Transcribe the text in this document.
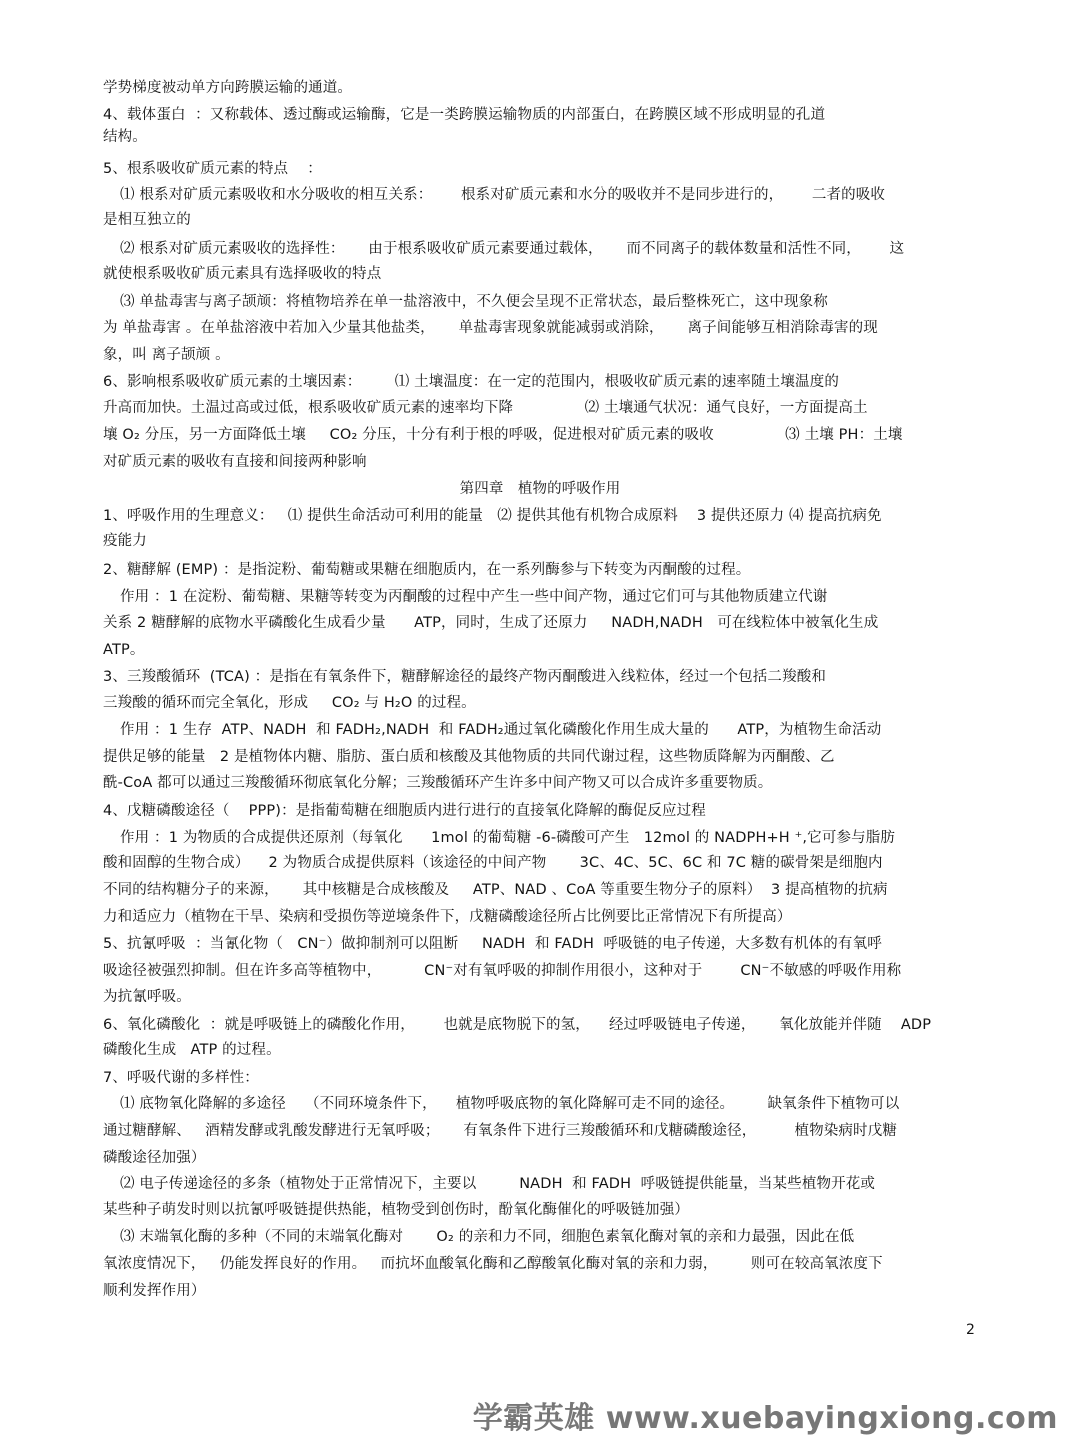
学势梯度被动单方向跨膜运输的通道。
4、载体蛋白  ：又称载体、透过酶或运输酶，它是一类跨膜运输物质的内部蛋白，在跨膜区域不形成明显的孔道
结构。
5、根系吸收矿质元素的特点    ：
⑴ 根系对矿质元素吸收和水分吸收的相互关系：      根系对矿质元素和水分的吸收并不是同步进行的，      二者的吸收
是相互独立的
⑵ 根系对矿质元素吸收的选择性：     由于根系吸收矿质元素要通过载体，     而不同离子的载体数量和活性不同，      这
就使根系吸收矿质元素具有选择吸收的特点
⑶ 单盐毒害与离子颉颃：将植物培养在单一盐溶液中，不久便会呈现不正常状态，最后整株死亡，这中现象称
为 单盐毒害 。在单盐溶液中若加入少量其他盐类，     单盐毒害现象就能减弱或消除，     离子间能够互相消除毒害的现
象，叫 离子颉颃 。
6、影响根系吸收矿质元素的土壤因素：       ⑴ 土壤温度：在一定的范围内，根吸收矿质元素的速率随土壤温度的
升高而加快。土温过高或过低，根系吸收矿质元素的速率均下降               ⑵ 土壤通气状况：通气良好，一方面提高土
壤 O₂ 分压，另一方面降低土壤     CO₂ 分压，十分有利于根的呼吸，促进根对矿质元素的吸收               ⑶ 土壤 PH：土壤
对矿质元素的吸收有直接和间接两种影响
第四章   植物的呼吸作用
1、呼吸作用的生理意义：   ⑴ 提供生命活动可利用的能量   ⑵ 提供其他有机物合成原料    3 提供还原力 ⑷ 提高抗病免
疫能力
2、糖酵解 (EMP) ：是指淀粉、葡萄糖或果糖在细胞质内，在一系列酶参与下转变为丙酮酸的过程。
作用 ：1 在淀粉、葡萄糖、果糖等转变为丙酮酸的过程中产生一些中间产物，通过它们可与其他物质建立代谢
关系 2 糖酵解的底物水平磷酸化生成看少量      ATP，同时，生成了还原力     NADH,NADH   可在线粒体中被氧化生成
ATP。
3、三羧酸循环  (TCA) ：是指在有氧条件下，糖酵解途径的最终产物丙酮酸进入线粒体，经过一个包括二羧酸和
三羧酸的循环而完全氧化，形成     CO₂ 与 H₂O 的过程。
作用 ：1 生存  ATP、NADH  和 FADH₂,NADH  和 FADH₂通过氧化磷酸化作用生成大量的      ATP，为植物生命活动
提供足够的能量   2 是植物体内糖、脂肪、蛋白质和核酸及其他物质的共同代谢过程，这些物质降解为丙酮酸、乙
酰-CoA 都可以通过三羧酸循环彻底氧化分解；三羧酸循环产生许多中间产物又可以合成许多重要物质。
4、戊糖磷酸途径（    PPP)：是指葡萄糖在细胞质内进行进行的直接氧化降解的酶促反应过程
作用 ：1 为物质的合成提供还原剂（每氧化      1mol 的葡萄糖 -6-磷酸可产生   12mol 的 NADPH+H ⁺,它可参与脂肪
酸和固醇的生物合成）    2 为物质合成提供原料（该途径的中间产物       3C、4C、5C、6C 和 7C 糖的碳骨架是细胞内
不同的结构糖分子的来源，     其中核糖是合成核酸及     ATP、NAD 、CoA 等重要生物分子的原料）  3 提高植物的抗病
力和适应力（植物在干旱、染病和受损伤等逆境条件下，戊糖磷酸途径所占比例要比正常情况下有所提高）
5、抗氰呼吸  ：当氰化物（   CN⁻）做抑制剂可以阻断     NADH  和 FADH  呼吸链的电子传递，大多数有机体的有氧呼
吸途径被强烈抑制。但在许多高等植物中，         CN⁻对有氧呼吸的抑制作用很小，这种对于        CN⁻不敏感的呼吸作用称
为抗氰呼吸。
6、氧化磷酸化  ：就是呼吸链上的磷酸化作用，      也就是底物脱下的氢，    经过呼吸链电子传递，     氧化放能并伴随    ADP
磷酸化生成   ATP 的过程。
7、呼吸代谢的多样性：
⑴ 底物氧化降解的多途径    （不同环境条件下，    植物呼吸底物的氧化降解可走不同的途径。       缺氧条件下植物可以
通过糖酵解、   酒精发酵或乳酸发酵进行无氧呼吸；     有氧条件下进行三羧酸循环和戊糖磷酸途径，        植物染病时戊糖
磷酸途径加强）
⑵ 电子传递途径的多条（植物处于正常情况下，主要以         NADH  和 FADH  呼吸链提供能量，当某些植物开花或
某些种子萌发时则以抗氰呼吸链提供热能，植物受到创伤时，酚氧化酶催化的呼吸链加强）
⑶ 末端氧化酶的多种（不同的末端氧化酶对       O₂ 的亲和力不同，细胞色素氧化酶对氧的亲和力最强，因此在低
氧浓度情况下，   仍能发挥良好的作用。   而抗坏血酸氧化酶和乙醇酸氧化酶对氧的亲和力弱，       则可在较高氧浓度下
顺利发挥作用）
2
学霸英雄 www.xuebayingxiong.com
